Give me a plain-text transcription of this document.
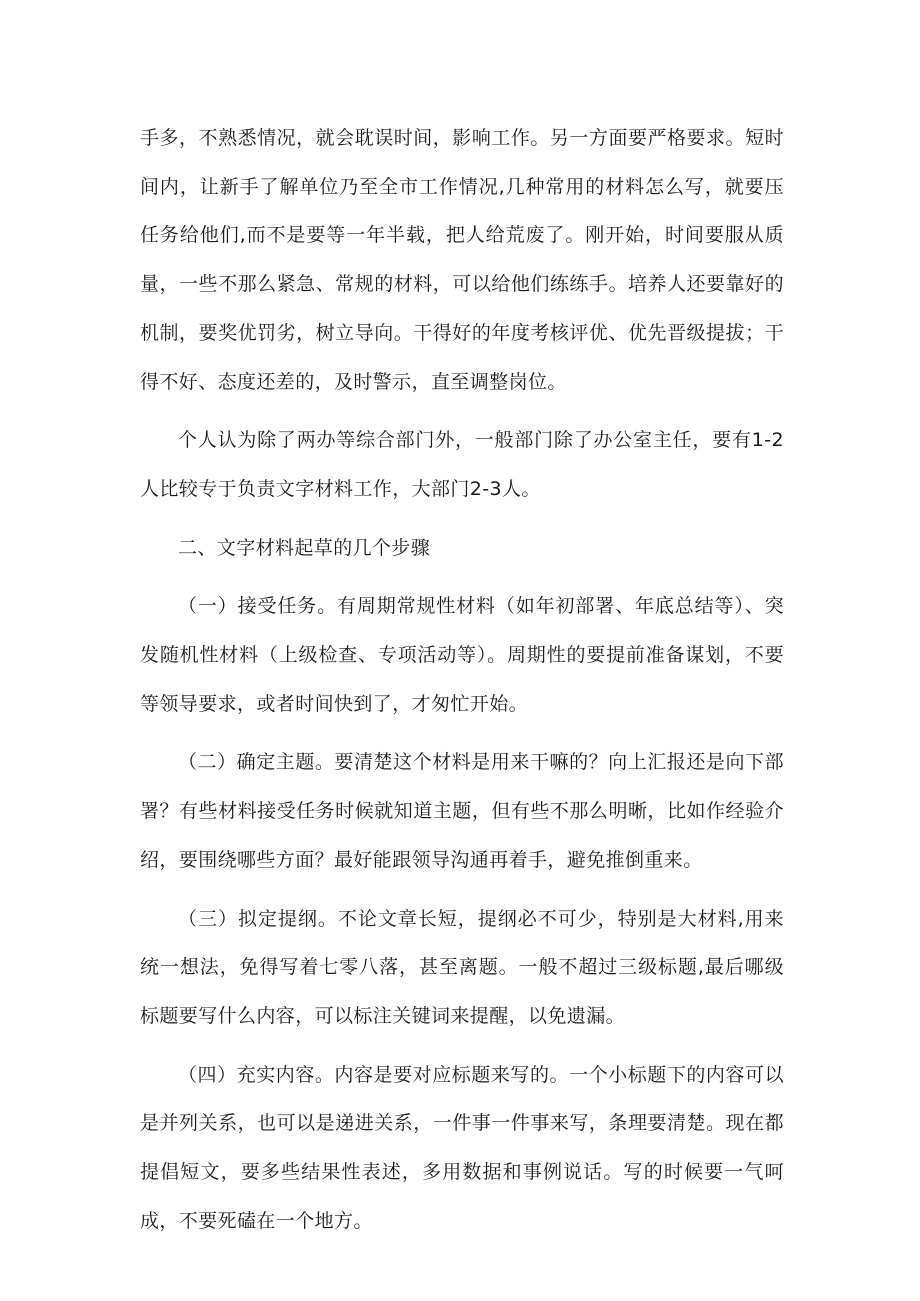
手多，不熟悉情况，就会耽误时间，影响工作。另一方面要严格要求。短时间内，让新手了解单位乃至全市工作情况,几种常用的材料怎么写，就要压任务给他们,而不是要等一年半载，把人给荒废了。刚开始，时间要服从质量，一些不那么紧急、常规的材料，可以给他们练练手。培养人还要靠好的机制，要奖优罚劣，树立导向。干得好的年度考核评优、优先晋级提拔；干得不好、态度还差的，及时警示，直至调整岗位。

个人认为除了两办等综合部门外，一般部门除了办公室主任，要有1-2人比较专于负责文字材料工作，大部门2-3人。

二、文字材料起草的几个步骤

（一）接受任务。有周期常规性材料（如年初部署、年底总结等）、突发随机性材料（上级检查、专项活动等）。周期性的要提前准备谋划，不要等领导要求，或者时间快到了，才匆忙开始。

（二）确定主题。要清楚这个材料是用来干嘛的？向上汇报还是向下部署？有些材料接受任务时候就知道主题，但有些不那么明晰，比如作经验介绍，要围绕哪些方面？最好能跟领导沟通再着手，避免推倒重来。

（三）拟定提纲。不论文章长短，提纲必不可少，特别是大材料,用来统一想法，免得写着七零八落，甚至离题。一般不超过三级标题,最后哪级标题要写什么内容，可以标注关键词来提醒，以免遗漏。

（四）充实内容。内容是要对应标题来写的。一个小标题下的内容可以是并列关系，也可以是递进关系，一件事一件事来写，条理要清楚。现在都提倡短文，要多些结果性表述，多用数据和事例说话。写的时候要一气呵成，不要死磕在一个地方。
